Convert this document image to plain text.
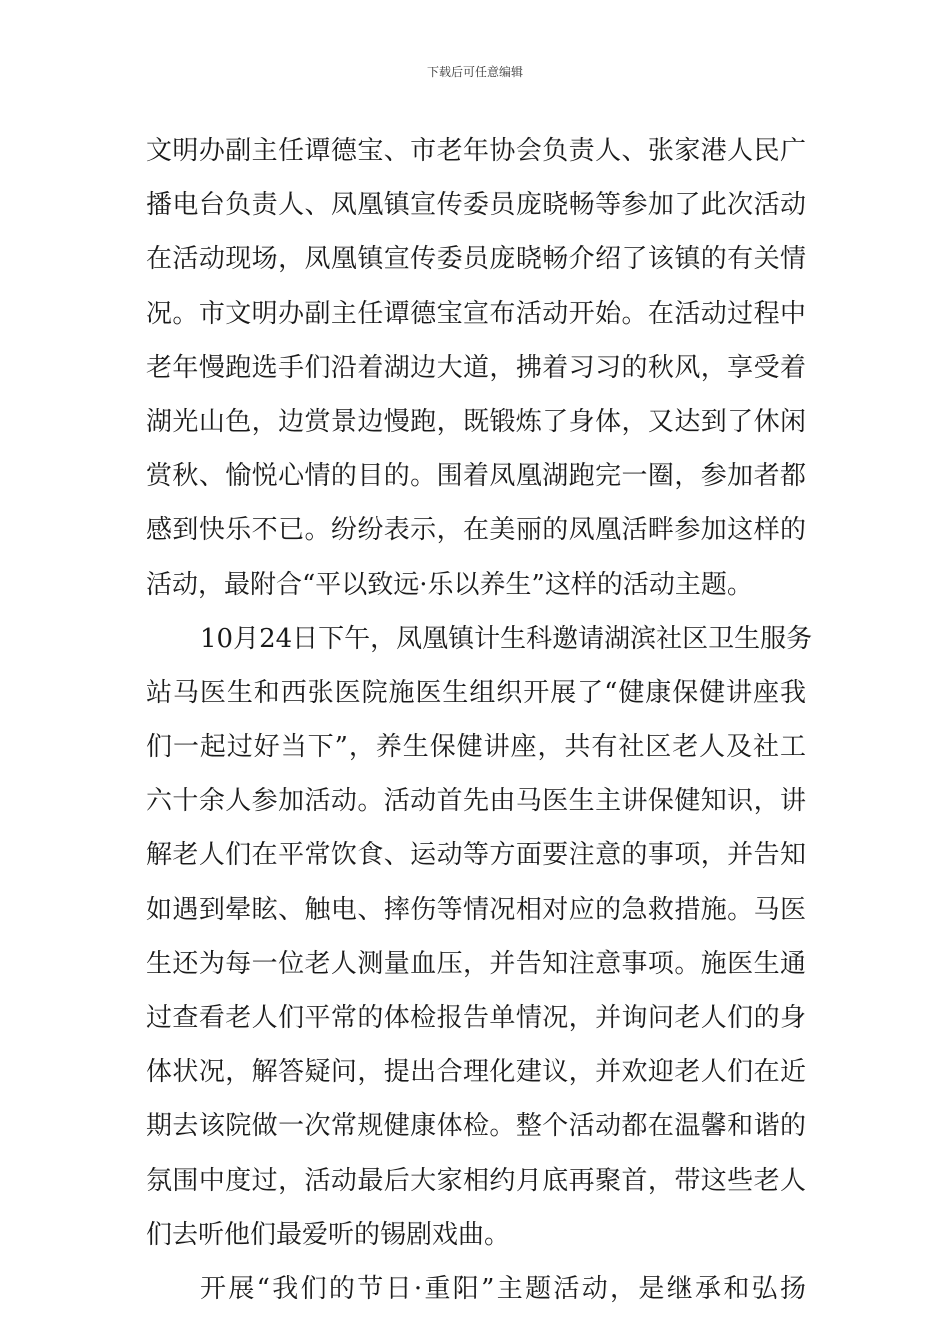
下载后可任意编辑
文明办副主任谭德宝、市老年协会负责人、张家港人民广
播电台负责人、凤凰镇宣传委员庞晓畅等参加了此次活动
在活动现场，凤凰镇宣传委员庞晓畅介绍了该镇的有关情
况。市文明办副主任谭德宝宣布活动开始。在活动过程中
老年慢跑选手们沿着湖边大道，拂着习习的秋风，享受着
湖光山色，边赏景边慢跑，既锻炼了身体，又达到了休闲
赏秋、愉悦心情的目的。围着凤凰湖跑完一圈，参加者都
感到快乐不已。纷纷表示，在美丽的凤凰活畔参加这样的
活动，最附合“平以致远·乐以养生”这样的活动主题。
10月24日下午，凤凰镇计生科邀请湖滨社区卫生服务
站马医生和西张医院施医生组织开展了“健康保健讲座我
们一起过好当下”，养生保健讲座，共有社区老人及社工
六十余人参加活动。活动首先由马医生主讲保健知识，讲
解老人们在平常饮食、运动等方面要注意的事项，并告知
如遇到晕眩、触电、摔伤等情况相对应的急救措施。马医
生还为每一位老人测量血压，并告知注意事项。施医生通
过查看老人们平常的体检报告单情况，并询问老人们的身
体状况，解答疑问，提出合理化建议，并欢迎老人们在近
期去该院做一次常规健康体检。整个活动都在温馨和谐的
氛围中度过，活动最后大家相约月底再聚首，带这些老人
们去听他们最爱听的锡剧戏曲。
开展“我们的节日·重阳”主题活动，是继承和弘扬
